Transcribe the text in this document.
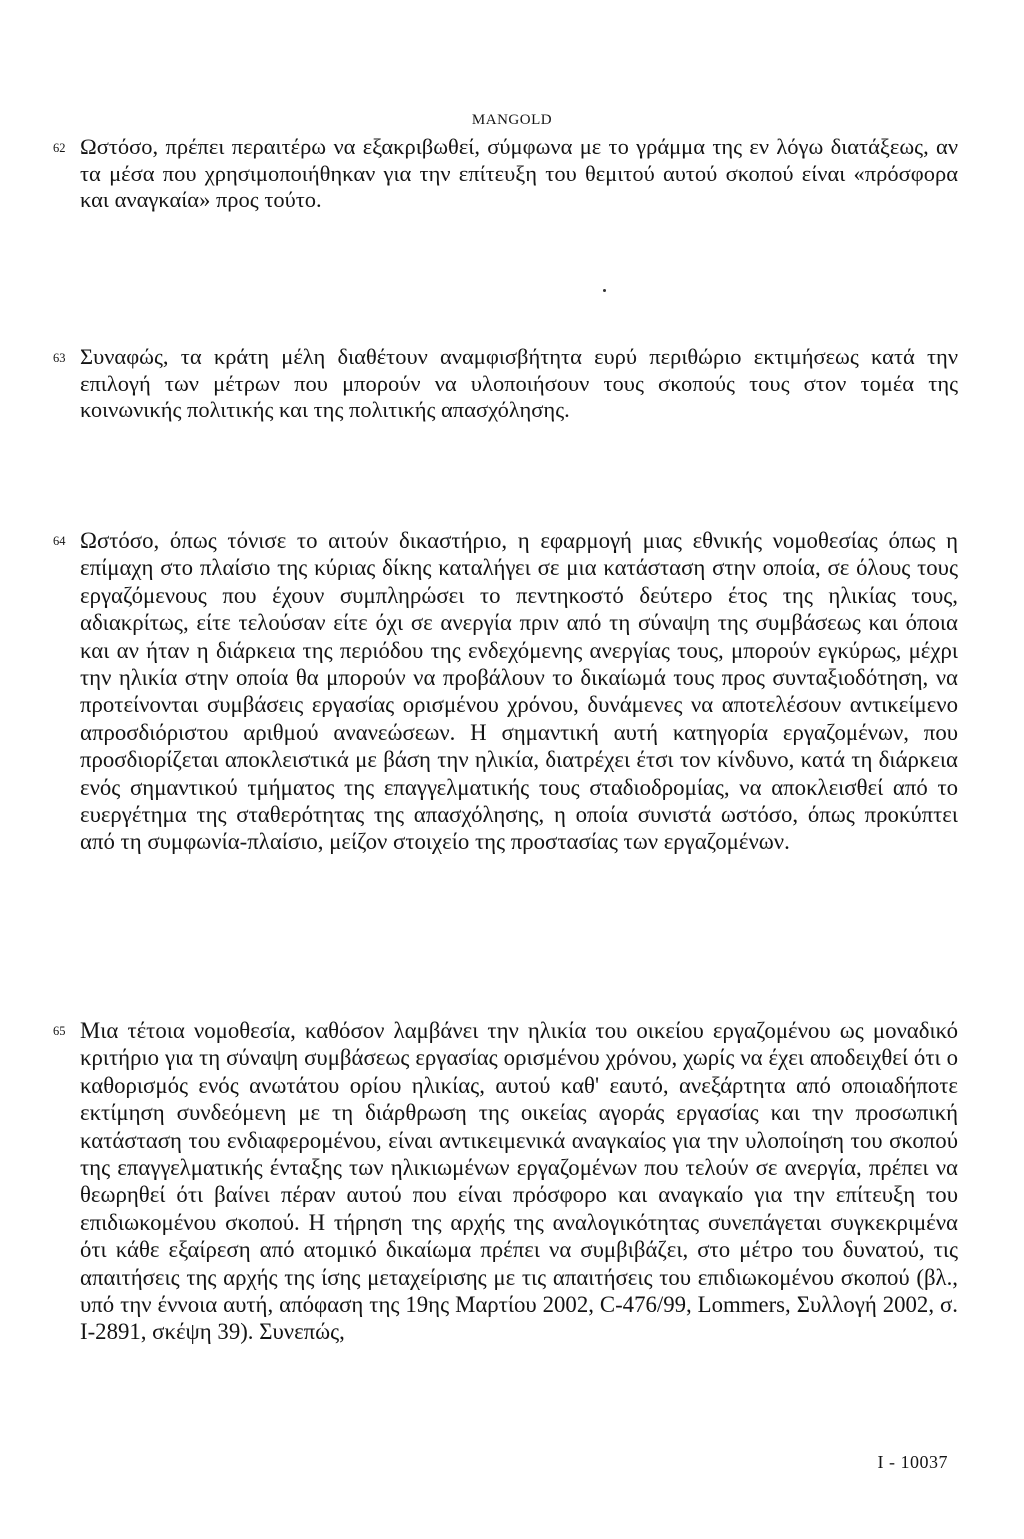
MANGOLD
62 Ωστόσο, πρέπει περαιτέρω να εξακριβωθεί, σύμφωνα με το γράμμα της εν λόγω διατάξεως, αν τα μέσα που χρησιμοποιήθηκαν για την επίτευξη του θεμιτού αυτού σκοπού είναι «πρόσφορα και αναγκαία» προς τούτο.

63 Συναφώς, τα κράτη μέλη διαθέτουν αναμφισβήτητα ευρύ περιθώριο εκτιμήσεως κατά την επιλογή των μέτρων που μπορούν να υλοποιήσουν τους σκοπούς τους στον τομέα της κοινωνικής πολιτικής και της πολιτικής απασχόλησης.

64 Ωστόσο, όπως τόνισε το αιτούν δικαστήριο, η εφαρμογή μιας εθνικής νομοθεσίας όπως η επίμαχη στο πλαίσιο της κύριας δίκης καταλήγει σε μια κατάσταση στην οποία, σε όλους τους εργαζόμενους που έχουν συμπληρώσει το πεντηκοστό δεύτερο έτος της ηλικίας τους, αδιακρίτως, είτε τελούσαν είτε όχι σε ανεργία πριν από τη σύναψη της συμβάσεως και όποια και αν ήταν η διάρκεια της περιόδου της ενδεχόμενης ανεργίας τους, μπορούν εγκύρως, μέχρι την ηλικία στην οποία θα μπορούν να προβάλουν το δικαίωμά τους προς συνταξιοδότηση, να προτείνονται συμβάσεις εργασίας ορισμένου χρόνου, δυνάμενες να αποτελέσουν αντικείμενο απροσδιόριστου αριθμού ανανεώσεων. Η σημαντική αυτή κατηγορία εργαζομένων, που προσδιορίζεται αποκλειστικά με βάση την ηλικία, διατρέχει έτσι τον κίνδυνο, κατά τη διάρκεια ενός σημαντικού τμήματος της επαγγελματικής τους σταδιοδρομίας, να αποκλεισθεί από το ευεργέτημα της σταθερότητας της απασχόλησης, η οποία συνιστά ωστόσο, όπως προκύπτει από τη συμφωνία-πλαίσιο, μείζον στοιχείο της προστασίας των εργαζομένων.

65 Μια τέτοια νομοθεσία, καθόσον λαμβάνει την ηλικία του οικείου εργαζομένου ως μοναδικό κριτήριο για τη σύναψη συμβάσεως εργασίας ορισμένου χρόνου, χωρίς να έχει αποδειχθεί ότι ο καθορισμός ενός ανωτάτου ορίου ηλικίας, αυτού καθ' εαυτό, ανεξάρτητα από οποιαδήποτε εκτίμηση συνδεόμενη με τη διάρθρωση της οικείας αγοράς εργασίας και την προσωπική κατάσταση του ενδιαφερομένου, είναι αντικειμενικά αναγκαίος για την υλοποίηση του σκοπού της επαγγελματικής ένταξης των ηλικιωμένων εργαζομένων που τελούν σε ανεργία, πρέπει να θεωρηθεί ότι βαίνει πέραν αυτού που είναι πρόσφορο και αναγκαίο για την επίτευξη του επιδιωκομένου σκοπού. Η τήρηση της αρχής της αναλογικότητας συνεπάγεται συγκεκριμένα ότι κάθε εξαίρεση από ατομικό δικαίωμα πρέπει να συμβιβάζει, στο μέτρο του δυνατού, τις απαιτήσεις της αρχής της ίσης μεταχείρισης με τις απαιτήσεις του επιδιωκομένου σκοπού (βλ., υπό την έννοια αυτή, απόφαση της 19ης Μαρτίου 2002, C-476/99, Lommers, Συλλογή 2002, σ. I-2891, σκέψη 39). Συνεπώς,

I - 10037
